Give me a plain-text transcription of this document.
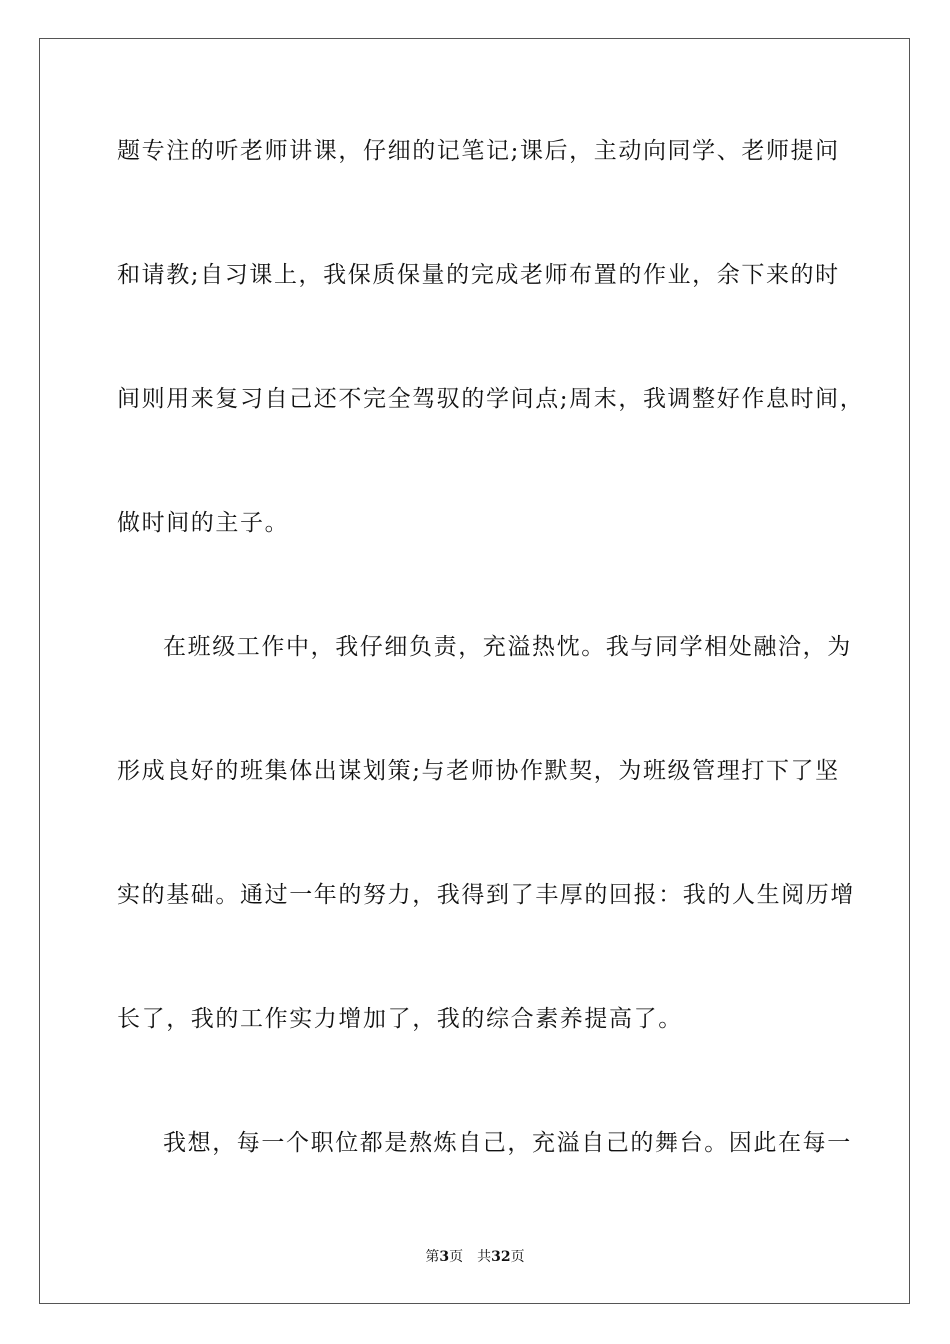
题专注的听老师讲课，仔细的记笔记;课后，主动向同学、老师提问
和请教;自习课上，我保质保量的完成老师布置的作业，余下来的时
间则用来复习自己还不完全驾驭的学问点;周末，我调整好作息时间，
做时间的主子。
在班级工作中，我仔细负责，充溢热忱。我与同学相处融洽，为
形成良好的班集体出谋划策;与老师协作默契，为班级管理打下了坚
实的基础。通过一年的努力，我得到了丰厚的回报：我的人生阅历增
长了，我的工作实力增加了，我的综合素养提高了。
我想，每一个职位都是熬炼自己，充溢自己的舞台。因此在每一
第3页 共32页
